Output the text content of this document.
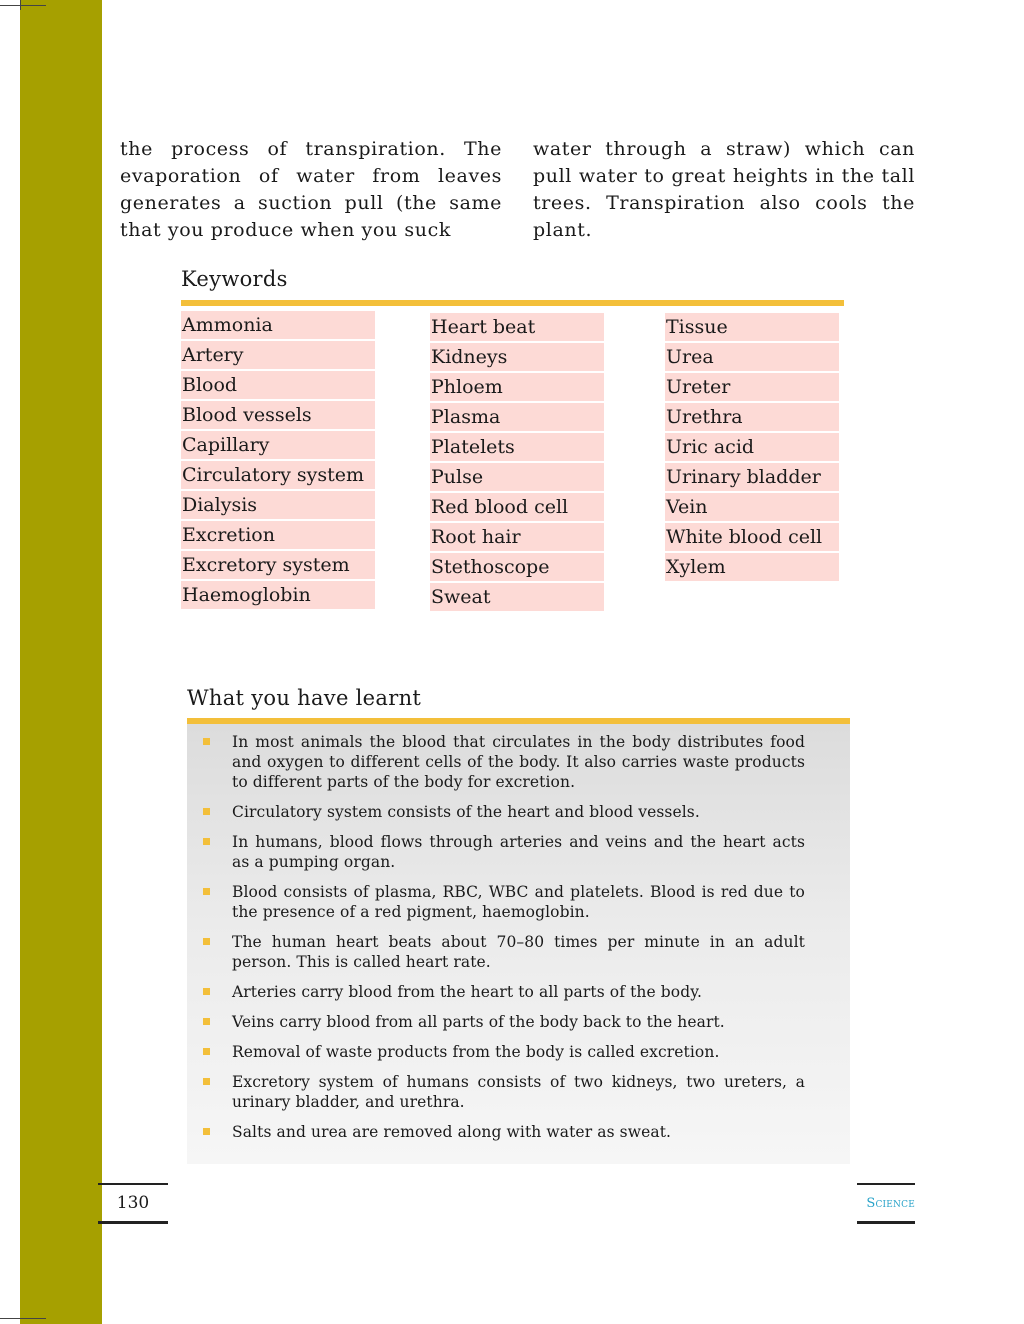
the process of transpiration. The evaporation of water from leaves generates a suction pull (the same that you produce when you suck

water through a straw) which can pull water to great heights in the tall trees. Transpiration also cools the plant.

Keywords
Ammonia
Artery
Blood
Blood vessels
Capillary
Circulatory system
Dialysis
Excretion
Excretory system
Haemoglobin
Heart beat
Kidneys
Phloem
Plasma
Platelets
Pulse
Red blood cell
Root hair
Stethoscope
Sweat
Tissue
Urea
Ureter
Urethra
Uric acid
Urinary bladder
Vein
White blood cell
Xylem
What you have learnt
In most animals the blood that circulates in the body distributes food and oxygen to different cells of the body. It also carries waste products to different parts of the body for excretion.
Circulatory system consists of the heart and blood vessels.
In humans, blood flows through arteries and veins and the heart acts as a pumping organ.
Blood consists of plasma, RBC, WBC and platelets. Blood is red due to the presence of a red pigment, haemoglobin.
The human heart beats about 70–80 times per minute in an adult person. This is called heart rate.
Arteries carry blood from the heart to all parts of the body.
Veins carry blood from all parts of the body back to the heart.
Removal of waste products from the body is called excretion.
Excretory system of humans consists of two kidneys, two ureters, a urinary bladder, and urethra.
Salts and urea are removed along with water as sweat.
130	Science
